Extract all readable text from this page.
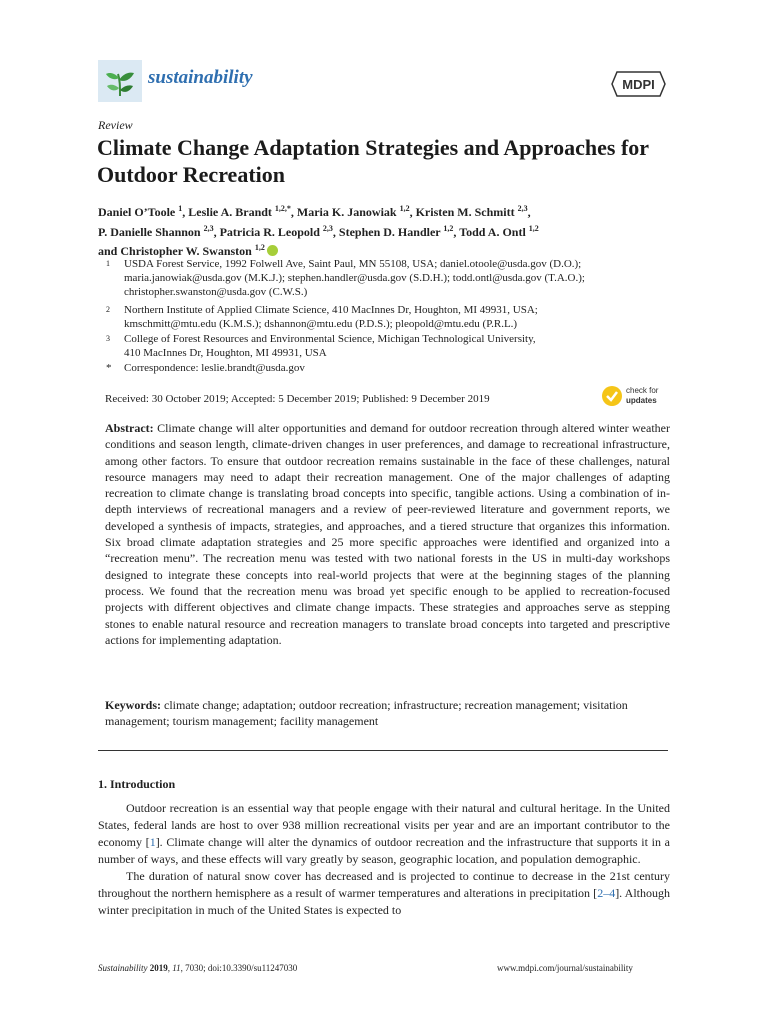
sustainability	MDPI
Review
Climate Change Adaptation Strategies and Approaches for Outdoor Recreation
Daniel O’Toole $^1$, Leslie A. Brandt $^{1,2,*}$, Maria K. Janowiak $^{1,2}$, Kristen M. Schmitt $^{2,3}$,
P. Danielle Shannon $^{2,3}$, Patricia R. Leopold $^{2,3}$, Stephen D. Handler $^{1,2}$, Todd A. Ontl $^{1,2}$
and Christopher W. Swanston $^{1,2}$
1 USDA Forest Service, 1992 Folwell Ave, Saint Paul, MN 55108, USA; daniel.otoole@usda.gov (D.O.);
maria.janowiak@usda.gov (M.K.J.); stephen.handler@usda.gov (S.D.H.); todd.ontl@usda.gov (T.A.O.);
christopher.swanston@usda.gov (C.W.S.)
2 Northern Institute of Applied Climate Science, 410 MacInnes Dr, Houghton, MI 49931, USA;
kmschmitt@mtu.edu (K.M.S.); dshannon@mtu.edu (P.D.S.); pleopold@mtu.edu (P.R.L.)
3 College of Forest Resources and Environmental Science, Michigan Technological University,
410 MacInnes Dr, Houghton, MI 49931, USA
* Correspondence: leslie.brandt@usda.gov
Received: 30 October 2019; Accepted: 5 December 2019; Published: 9 December 2019
check for
updates
Abstract: Climate change will alter opportunities and demand for outdoor recreation through altered winter weather conditions and season length, climate-driven changes in user preferences, and damage to recreational infrastructure, among other factors. To ensure that outdoor recreation remains sustainable in the face of these challenges, natural resource managers may need to adapt their recreation management. One of the major challenges of adapting recreation to climate change is translating broad concepts into specific, tangible actions. Using a combination of in-depth interviews of recreational managers and a review of peer-reviewed literature and government reports, we developed a synthesis of impacts, strategies, and approaches, and a tiered structure that organizes this information. Six broad climate adaptation strategies and 25 more specific approaches were identified and organized into a “recreation menu”. The recreation menu was tested with two national forests in the US in multi-day workshops designed to integrate these concepts into real-world projects that were at the beginning stages of the planning process. We found that the recreation menu was broad yet specific enough to be applied to recreation-focused projects with different objectives and climate change impacts. These strategies and approaches serve as stepping stones to enable natural resource and recreation managers to translate broad concepts into targeted and prescriptive actions for implementing adaptation.
Keywords: climate change; adaptation; outdoor recreation; infrastructure; recreation management; visitation management; tourism management; facility management
1. Introduction

Outdoor recreation is an essential way that people engage with their natural and cultural heritage. In the United States, federal lands are host to over 938 million recreational visits per year and are an important contributor to the economy [1]. Climate change will alter the dynamics of outdoor recreation and the infrastructure that supports it in a number of ways, and these effects will vary greatly by season, geographic location, and population demographic.

The duration of natural snow cover has decreased and is projected to continue to decrease in the 21st century throughout the northern hemisphere as a result of warmer temperatures and alterations in precipitation [2–4]. Although winter precipitation in much of the United States is expected to

Sustainability 2019, 11, 7030; doi:10.3390/su11247030	www.mdpi.com/journal/sustainability
